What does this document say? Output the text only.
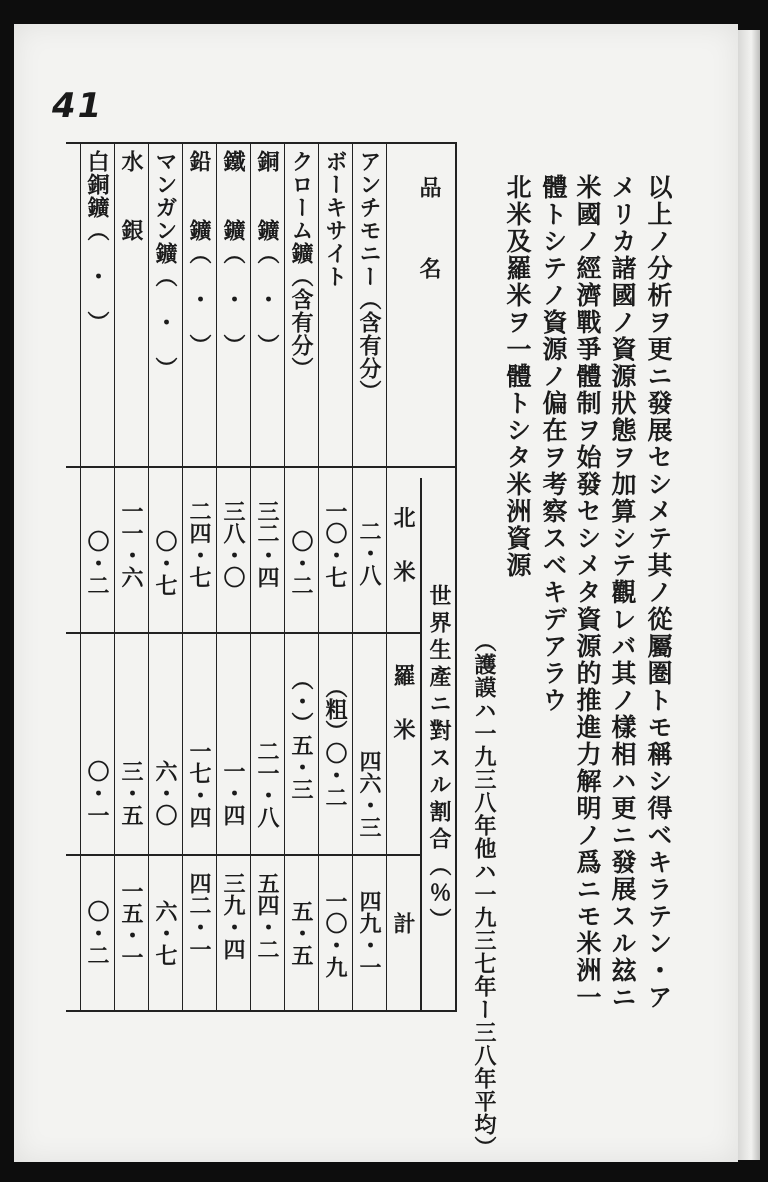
41
以上ノ分析ヲ更ニ發展セシメテ其ノ從屬圏トモ稱シ得ベキラテン・ア
メリカ諸國ノ資源狀態ヲ加算シテ觀レバ其ノ樣相ハ更ニ發展スル玆ニ
米國ノ經濟戰爭體制ヲ始發セシメタ資源的推進力解明ノ爲ニモ米洲一
體トシテノ資源ノ偏在ヲ考察スベキデアラウ
北米及羅米ヲ一體トシタ米洲資源
（護謨ハ一九三八年他ハ一九三七年ー三八年平均）
品　　名
世界生產ニ對スル割合（％）
北　米
羅　米
計
アンチモニー（含有分）
二・八
四六・三
四九・一
ボーキサイト
一〇・七
（粗）〇・二
一〇・九
クローム鑛（含有分）
〇・二
（・）五・三
五・五
銅　　鑛（　・　）
三二・四
二一・八
五四・二
鐵　　鑛（　・　）
三八・〇
一・四
三九・四
鉛　　鑛（　・　）
二四・七
一七・四
四二・一
マンガン鑛（　・　）
〇・七
六・〇
六・七
水　　銀
一一・六
三・五
一五・一
白銅鑛（　・　）
〇・二
〇・一
〇・二
